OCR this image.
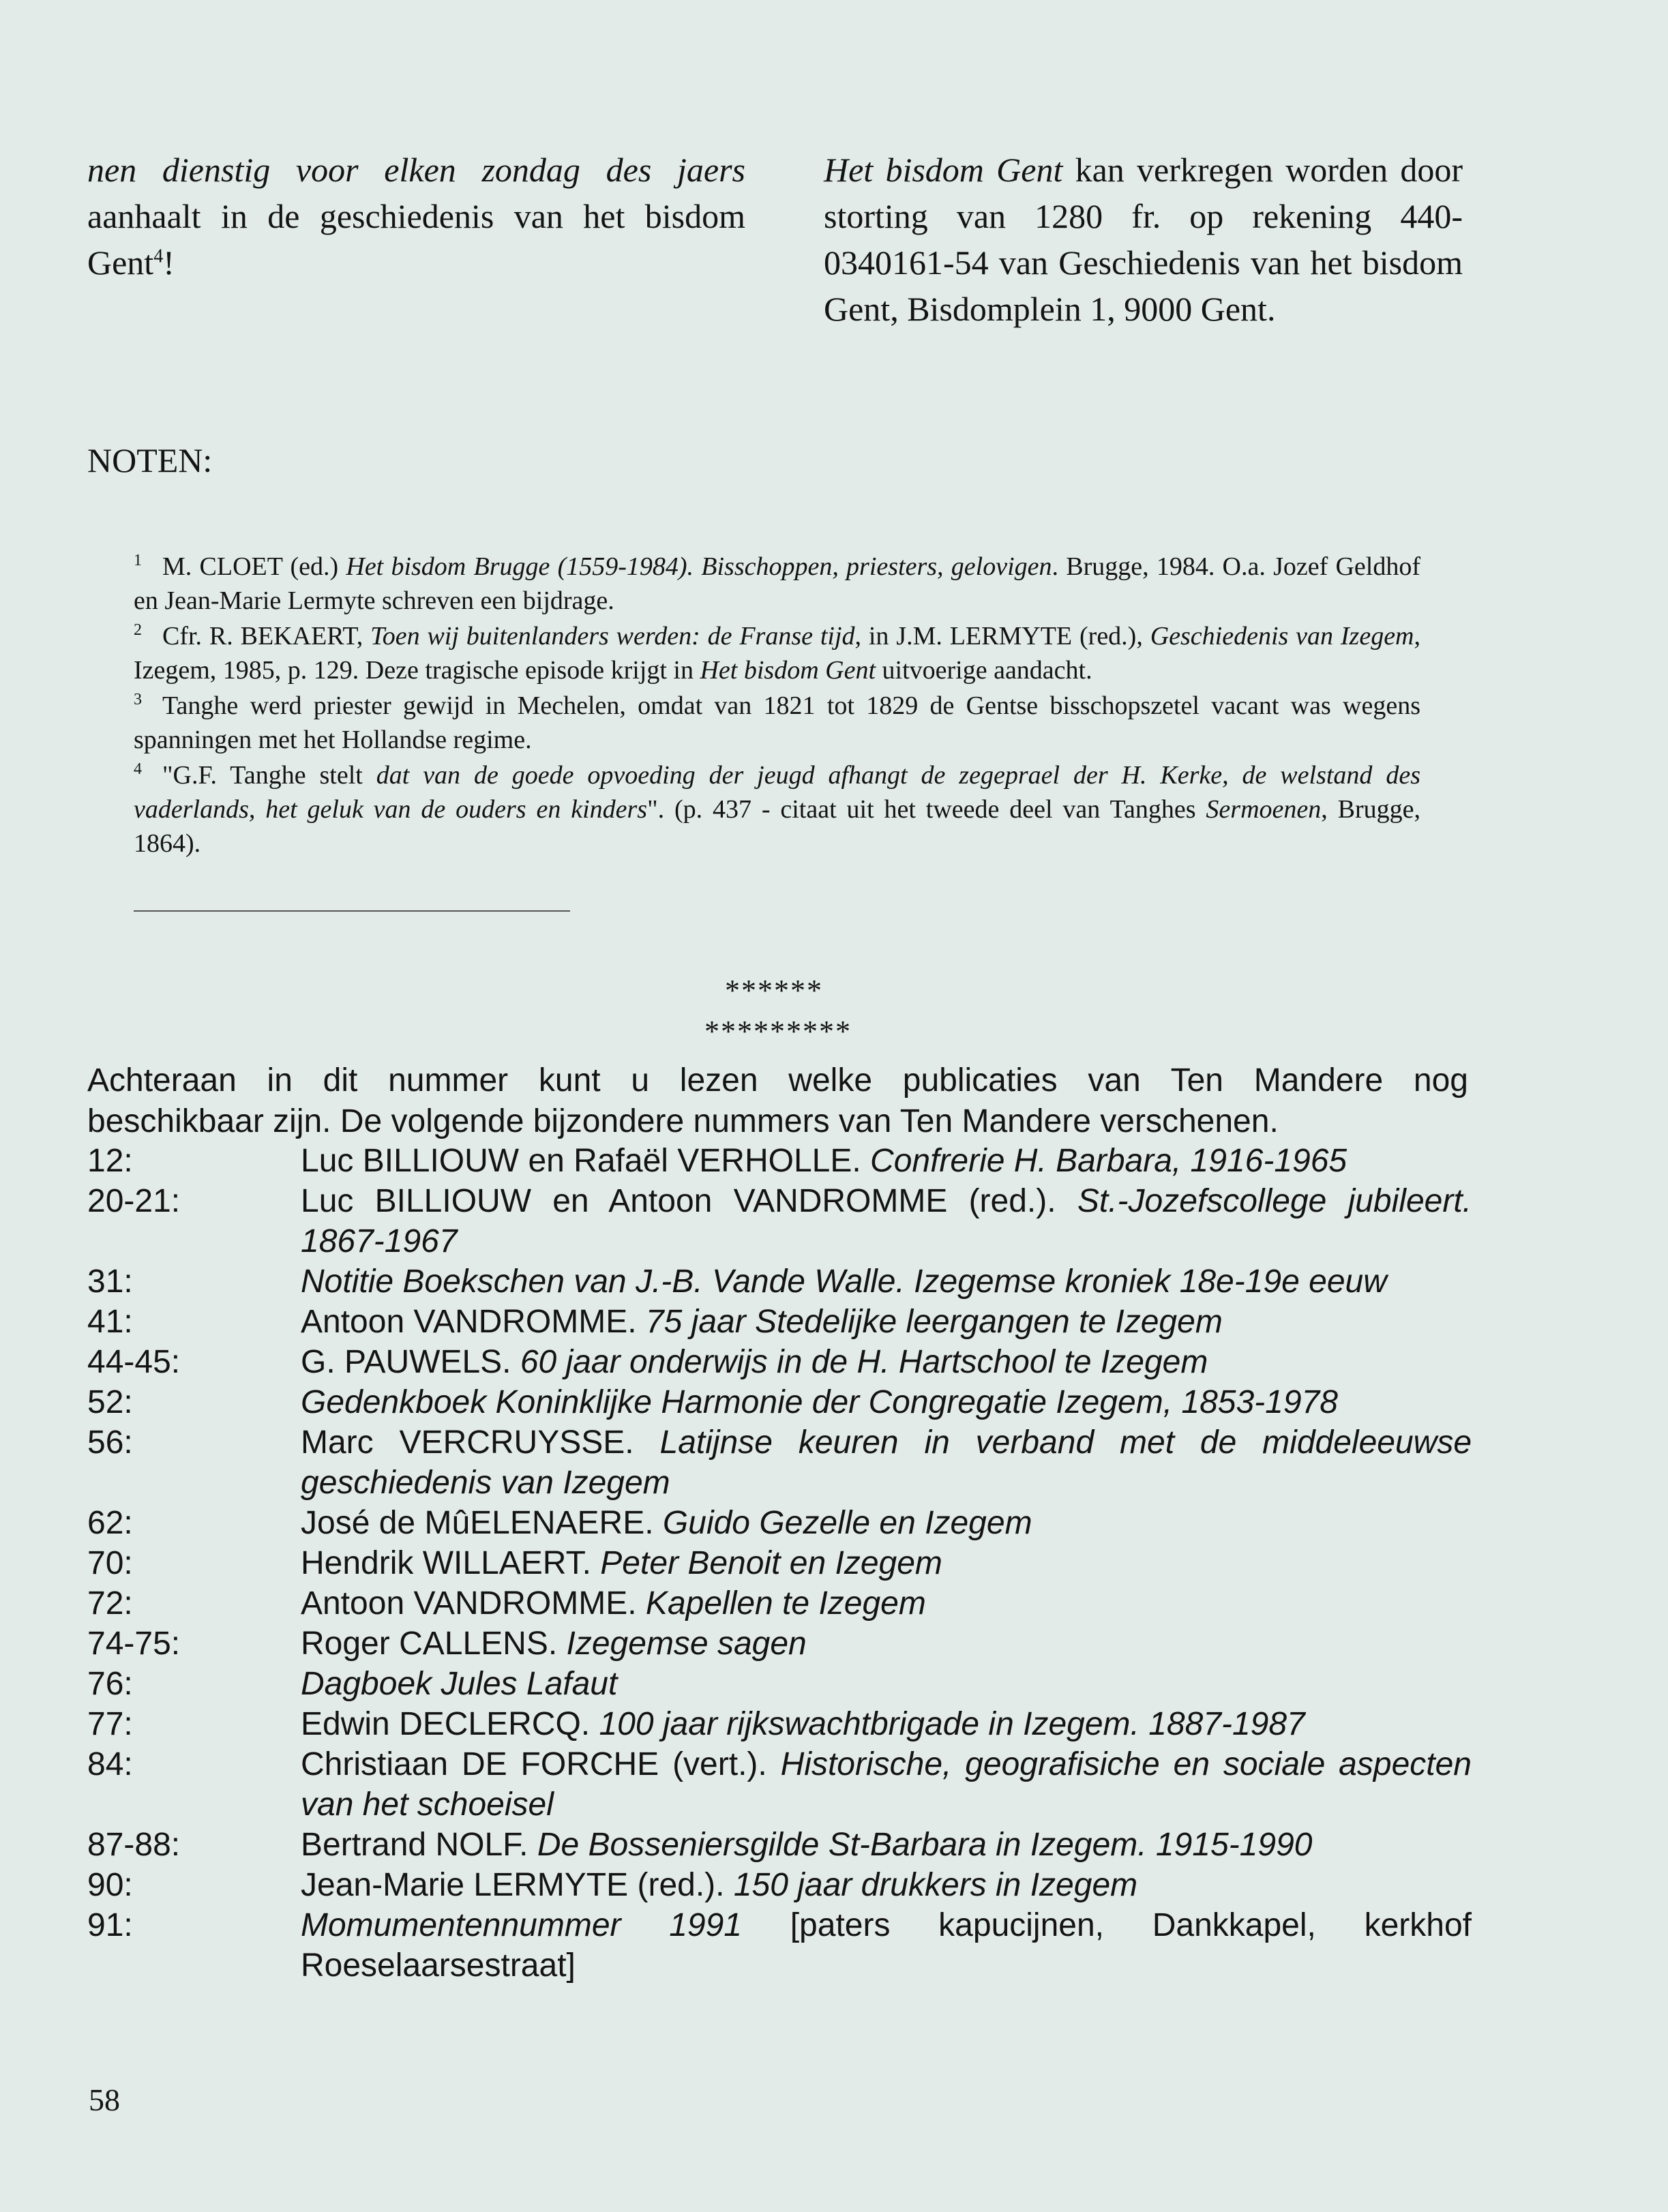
nen dienstig voor elken zondag des jaers aanhaalt in de geschiedenis van het bisdom Gent$^4$!

Het bisdom Gent kan verkregen worden door storting van 1280 fr. op rekening 440-0340161-54 van Geschiedenis van het bisdom Gent, Bisdomplein 1, 9000 Gent.

NOTEN:

$^1$ M. CLOET (ed.) Het bisdom Brugge (1559-1984). Bisschoppen, priesters, gelovigen. Brugge, 1984. O.a. Jozef Geldhof en Jean-Marie Lermyte schreven een bijdrage.

$^2$ Cfr. R. BEKAERT, Toen wij buitenlanders werden: de Franse tijd, in J.M. LERMYTE (red.), Geschiedenis van Izegem, Izegem, 1985, p. 129. Deze tragische episode krijgt in Het bisdom Gent uitvoerige aandacht.

$^3$ Tanghe werd priester gewijd in Mechelen, omdat van 1821 tot 1829 de Gentse bisschopszetel vacant was wegens spanningen met het Hollandse regime.

$^4$ "G.F. Tanghe stelt dat van de goede opvoeding der jeugd afhangt de zegeprael der H. Kerke, de welstand des vaderlands, het geluk van de ouders en kinders". (p. 437 - citaat uit het tweede deel van Tanghes Sermoenen, Brugge, 1864).

******
*********

Achteraan in dit nummer kunt u lezen welke publicaties van Ten Mandere nog

beschikbaar zijn. De volgende bijzondere nummers van Ten Mandere verschenen.

12:	Luc BILLIOUW en Rafaël VERHOLLE. Confrerie H. Barbara, 1916-1965
20-21:	Luc BILLIOUW en Antoon VANDROMME (red.). St.-Jozefscollege jubileert. 1867-1967
31:	Notitie Boekschen van J.-B. Vande Walle. Izegemse kroniek 18e-19e eeuw
41:	Antoon VANDROMME. 75 jaar Stedelijke leergangen te Izegem
44-45:	G. PAUWELS. 60 jaar onderwijs in de H. Hartschool te Izegem
52:	Gedenkboek Koninklijke Harmonie der Congregatie Izegem, 1853-1978
56:	Marc VERCRUYSSE. Latijnse keuren in verband met de middeleeuwse geschiedenis van Izegem
62:	José de MûELENAERE. Guido Gezelle en Izegem
70:	Hendrik WILLAERT. Peter Benoit en Izegem
72:	Antoon VANDROMME. Kapellen te Izegem
74-75:	Roger CALLENS. Izegemse sagen
76:	Dagboek Jules Lafaut
77:	Edwin DECLERCQ. 100 jaar rijkswachtbrigade in Izegem. 1887-1987
84:	Christiaan DE FORCHE (vert.). Historische, geografisiche en sociale aspecten van het schoeisel
87-88:	Bertrand NOLF. De Bosseniersgilde St-Barbara in Izegem. 1915-1990
90:	Jean-Marie LERMYTE (red.). 150 jaar drukkers in Izegem
91:	Momumentennummer 1991 [paters kapucijnen, Dankkapel, kerkhof Roeselaarsestraat]
58
